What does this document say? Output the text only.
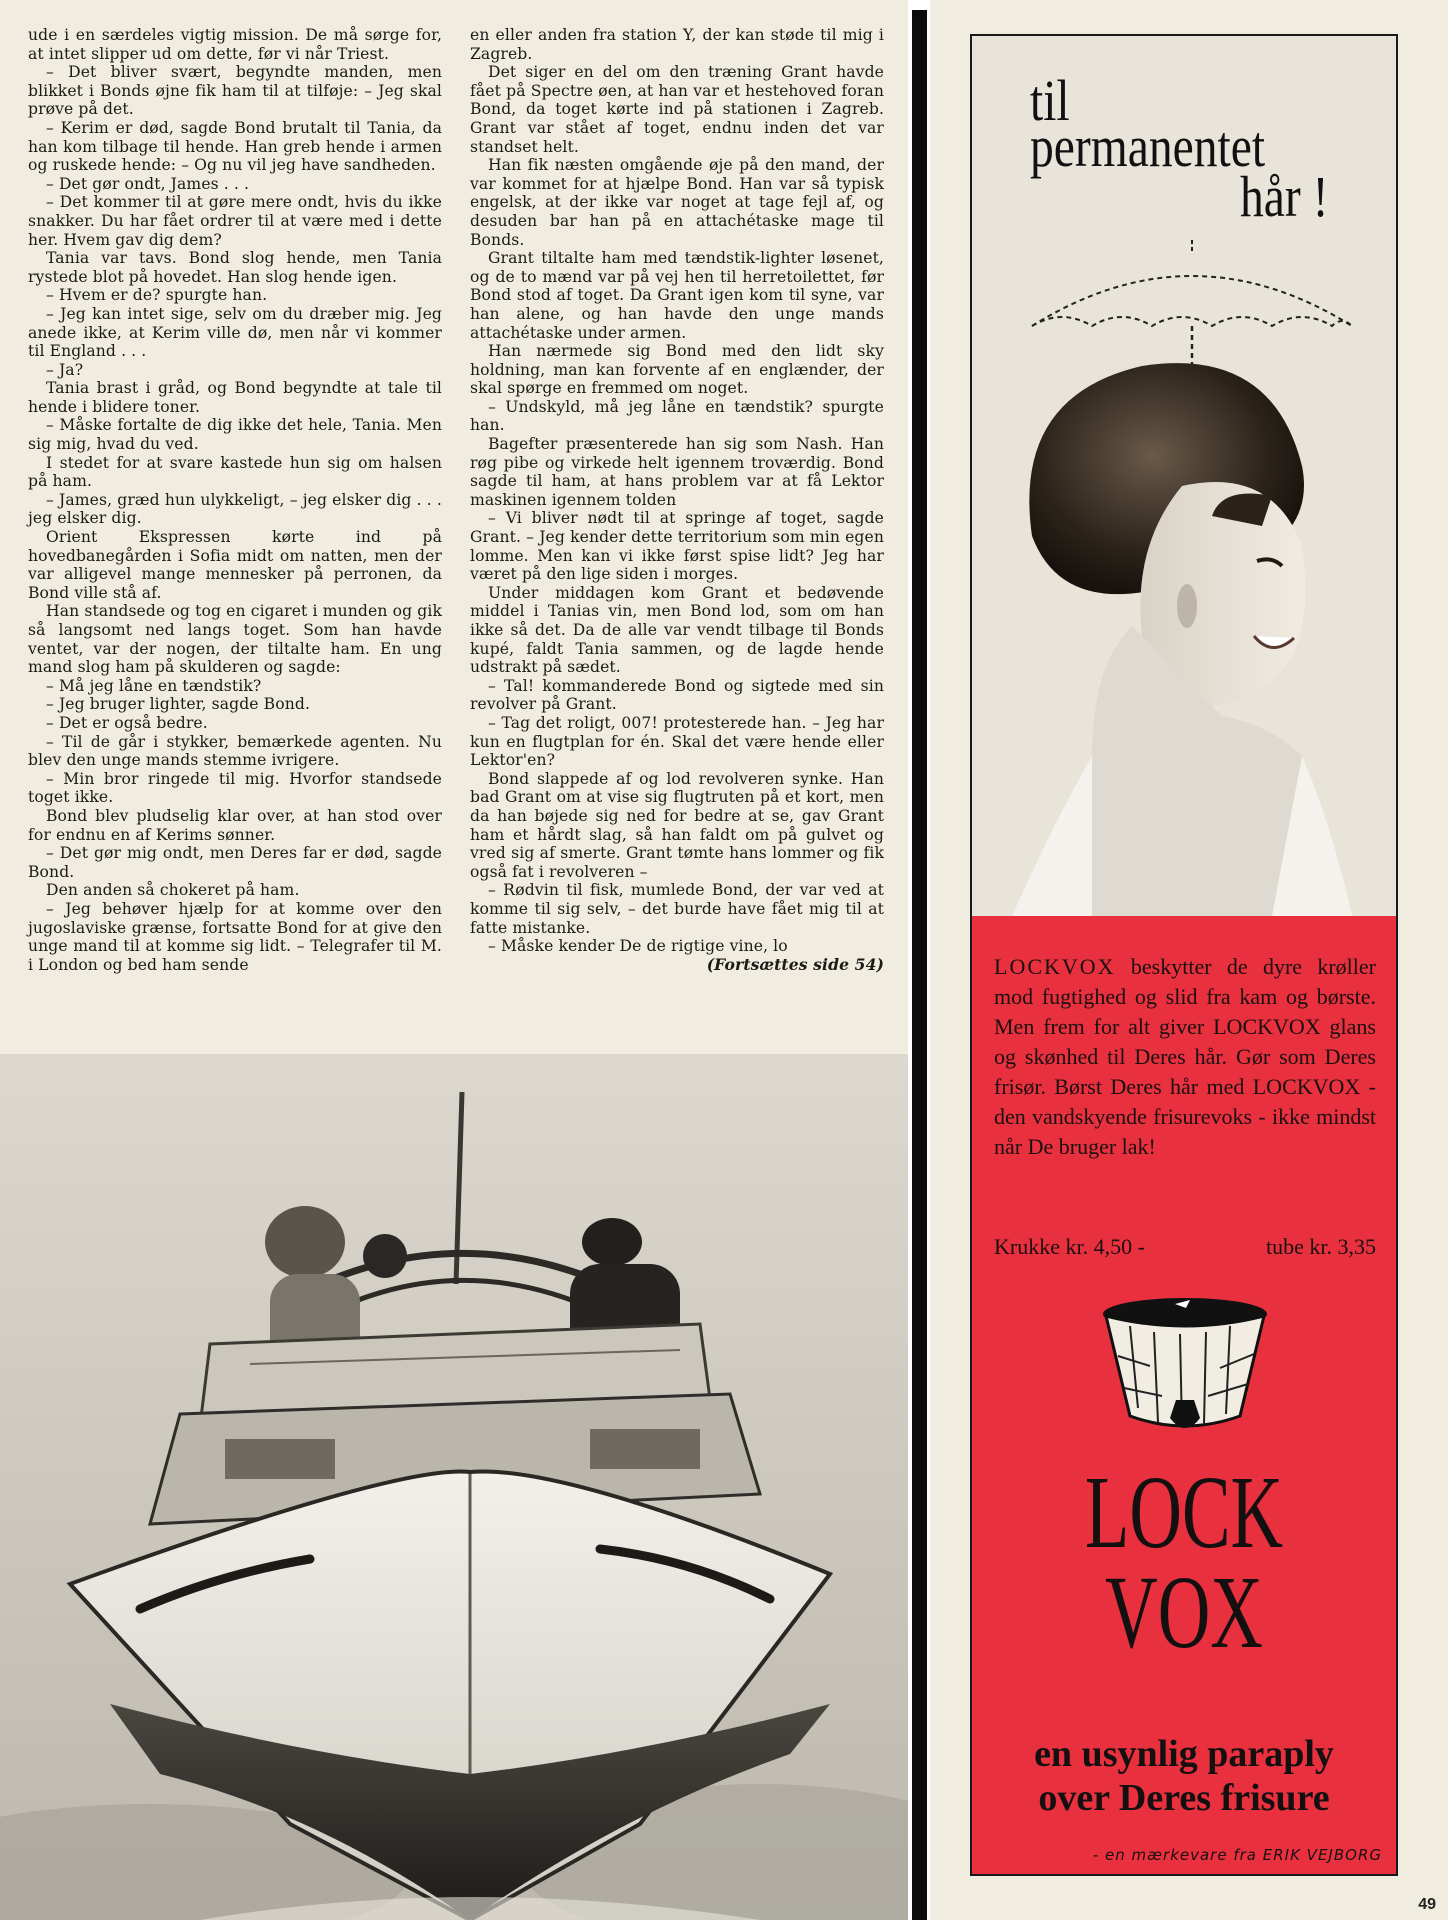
ude i en særdeles vigtig mission. De må sørge for, at intet slipper ud om dette, før vi når Triest.

– Det bliver svært, begyndte manden, men blikket i Bonds øjne fik ham til at tilføje: – Jeg skal prøve på det.

– Kerim er død, sagde Bond brutalt til Tania, da han kom tilbage til hende. Han greb hende i armen og ruskede hende: – Og nu vil jeg have sandheden.

– Det gør ondt, James . . .

– Det kommer til at gøre mere ondt, hvis du ikke snakker. Du har fået ordrer til at være med i dette her. Hvem gav dig dem?

Tania var tavs. Bond slog hende, men Tania rystede blot på hovedet. Han slog hende igen.

– Hvem er de? spurgte han.

– Jeg kan intet sige, selv om du dræber mig. Jeg anede ikke, at Kerim ville dø, men når vi kommer til England . . .

– Ja?

Tania brast i gråd, og Bond begyndte at tale til hende i blidere toner.

– Måske fortalte de dig ikke det hele, Tania. Men sig mig, hvad du ved.

I stedet for at svare kastede hun sig om halsen på ham.

– James, græd hun ulykkeligt, – jeg elsker dig . . . jeg elsker dig.

Orient Ekspressen kørte ind på hovedbanegården i Sofia midt om natten, men der var alligevel mange mennesker på perronen, da Bond ville stå af.

Han standsede og tog en cigaret i munden og gik så langsomt ned langs toget. Som han havde ventet, var der nogen, der tiltalte ham. En ung mand slog ham på skulderen og sagde:

– Må jeg låne en tændstik?

– Jeg bruger lighter, sagde Bond.

– Det er også bedre.

– Til de går i stykker, bemærkede agenten. Nu blev den unge mands stemme ivrigere.

– Min bror ringede til mig. Hvorfor standsede toget ikke.

Bond blev pludselig klar over, at han stod over for endnu en af Kerims sønner.

– Det gør mig ondt, men Deres far er død, sagde Bond.

Den anden så chokeret på ham.

– Jeg behøver hjælp for at komme over den jugoslaviske grænse, fortsatte Bond for at give den unge mand til at komme sig lidt. – Telegrafer til M. i London og bed ham sende

en eller anden fra station Y, der kan støde til mig i Zagreb.

Det siger en del om den træning Grant havde fået på Spectre øen, at han var et hestehoved foran Bond, da toget kørte ind på stationen i Zagreb. Grant var stået af toget, endnu inden det var standset helt.

Han fik næsten omgående øje på den mand, der var kommet for at hjælpe Bond. Han var så typisk engelsk, at der ikke var noget at tage fejl af, og desuden bar han på en attachétaske mage til Bonds.

Grant tiltalte ham med tændstik-lighter løsenet, og de to mænd var på vej hen til herretoilettet, før Bond stod af toget. Da Grant igen kom til syne, var han alene, og han havde den unge mands attachétaske under armen.

Han nærmede sig Bond med den lidt sky holdning, man kan forvente af en englænder, der skal spørge en fremmed om noget.

– Undskyld, må jeg låne en tændstik? spurgte han.

Bagefter præsenterede han sig som Nash. Han røg pibe og virkede helt igennem troværdig. Bond sagde til ham, at hans problem var at få Lektor maskinen igennem tolden

– Vi bliver nødt til at springe af toget, sagde Grant. – Jeg kender dette territorium som min egen lomme. Men kan vi ikke først spise lidt? Jeg har været på den lige siden i morges.

Under middagen kom Grant et bedøvende middel i Tanias vin, men Bond lod, som om han ikke så det. Da de alle var vendt tilbage til Bonds kupé, faldt Tania sammen, og de lagde hende udstrakt på sædet.

– Tal! kommanderede Bond og sigtede med sin revolver på Grant.

– Tag det roligt, 007! protesterede han. – Jeg har kun en flugtplan for én. Skal det være hende eller Lektor'en?

Bond slappede af og lod revolveren synke. Han bad Grant om at vise sig flugtruten på et kort, men da han bøjede sig ned for bedre at se, gav Grant ham et hårdt slag, så han faldt om på gulvet og vred sig af smerte. Grant tømte hans lommer og fik også fat i revolveren –

– Rødvin til fisk, mumlede Bond, der var ved at komme til sig selv, – det burde have fået mig til at fatte mistanke.

– Måske kender De de rigtige vine, lo

(Fortsættes side 54)

til
permanentet
hår !
LOCKVOX beskytter de dyre krøller mod fugtighed og slid fra kam og børste. Men frem for alt giver LOCKVOX glans og skønhed til Deres hår. Gør som Deres frisør. Børst Deres hår med LOCKVOX - den vandskyende frisurevoks - ikke mindst når De bruger lak!
Krukke kr. 4,50 -	tube kr. 3,35
LOCK
VOX
en usynlig paraply
over Deres frisure
- en mærkevare fra ERIK VEJBORG
49
